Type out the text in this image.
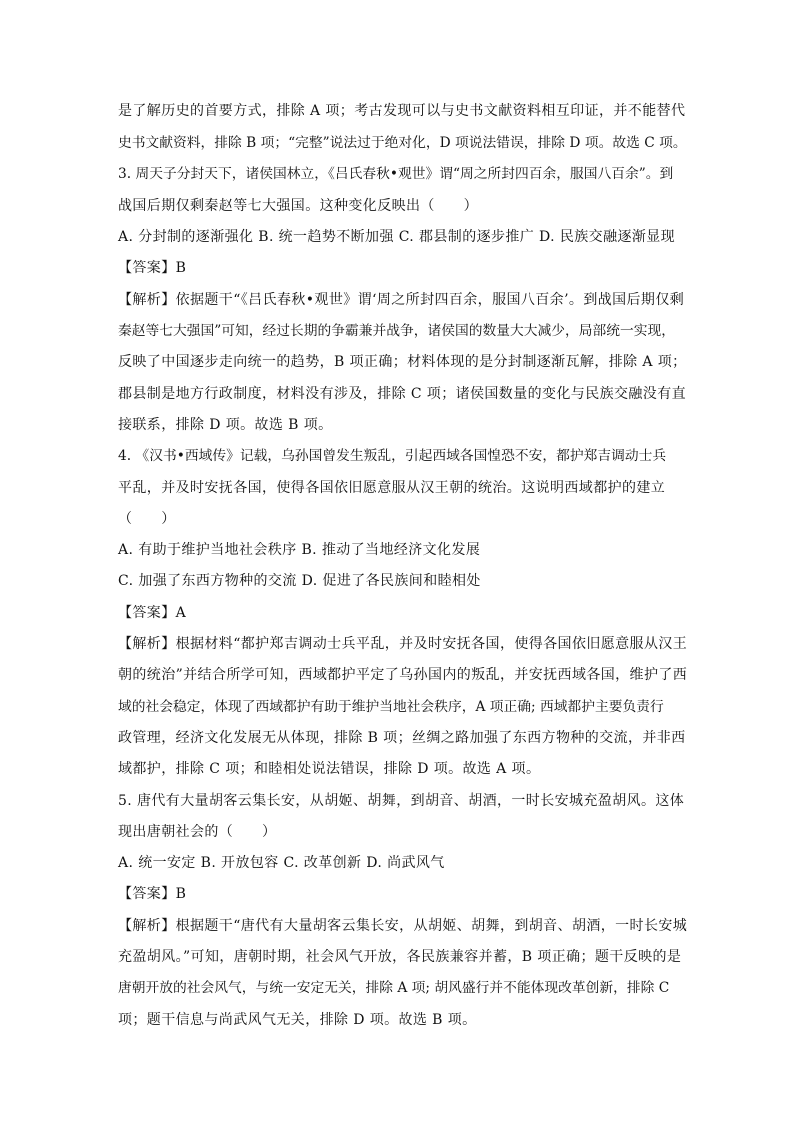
是了解历史的首要方式，排除 A 项；考古发现可以与史书文献资料相互印证，并不能替代
史书文献资料，排除 B 项；“完整”说法过于绝对化，D 项说法错误，排除 D 项。故选 C 项。
3. 周天子分封天下，诸侯国林立，《吕氏春秋•观世》谓“周之所封四百余，服国八百余”。到
战国后期仅剩秦赵等七大强国。这种变化反映出（　　）
A. 分封制的逐渐强化 B. 统一趋势不断加强 C. 郡县制的逐步推广 D. 民族交融逐渐显现
【答案】B
【解析】依据题干“《吕氏春秋•观世》谓‘周之所封四百余，服国八百余’。到战国后期仅剩
秦赵等七大强国”可知，经过长期的争霸兼并战争，诸侯国的数量大大减少，局部统一实现，
反映了中国逐步走向统一的趋势，B 项正确；材料体现的是分封制逐渐瓦解，排除 A 项；
郡县制是地方行政制度，材料没有涉及，排除 C 项；诸侯国数量的变化与民族交融没有直
接联系，排除 D 项。故选 B 项。
4. 《汉书•西域传》记载，乌孙国曾发生叛乱，引起西域各国惶恐不安，都护郑吉调动士兵
平乱，并及时安抚各国，使得各国依旧愿意服从汉王朝的统治。这说明西域都护的建立
（　　）
A. 有助于维护当地社会秩序 B. 推动了当地经济文化发展
C. 加强了东西方物种的交流 D. 促进了各民族间和睦相处
【答案】A
【解析】根据材料“都护郑吉调动士兵平乱，并及时安抚各国，使得各国依旧愿意服从汉王
朝的统治”并结合所学可知，西域都护平定了乌孙国内的叛乱，并安抚西域各国，维护了西
域的社会稳定，体现了西域都护有助于维护当地社会秩序，A 项正确; 西域都护主要负责行
政管理，经济文化发展无从体现，排除 B 项；丝绸之路加强了东西方物种的交流，并非西
域都护，排除 C 项；和睦相处说法错误，排除 D 项。故选 A 项。
5. 唐代有大量胡客云集长安，从胡姬、胡舞，到胡音、胡酒，一时长安城充盈胡风。这体
现出唐朝社会的（　　）
A. 统一安定 B. 开放包容 C. 改革创新 D. 尚武风气
【答案】B
【解析】根据题干“唐代有大量胡客云集长安，从胡姬、胡舞，到胡音、胡酒，一时长安城
充盈胡风。”可知，唐朝时期，社会风气开放，各民族兼容并蓄，B 项正确；题干反映的是
唐朝开放的社会风气，与统一安定无关，排除 A 项; 胡风盛行并不能体现改革创新，排除 C
项；题干信息与尚武风气无关，排除 D 项。故选 B 项。
